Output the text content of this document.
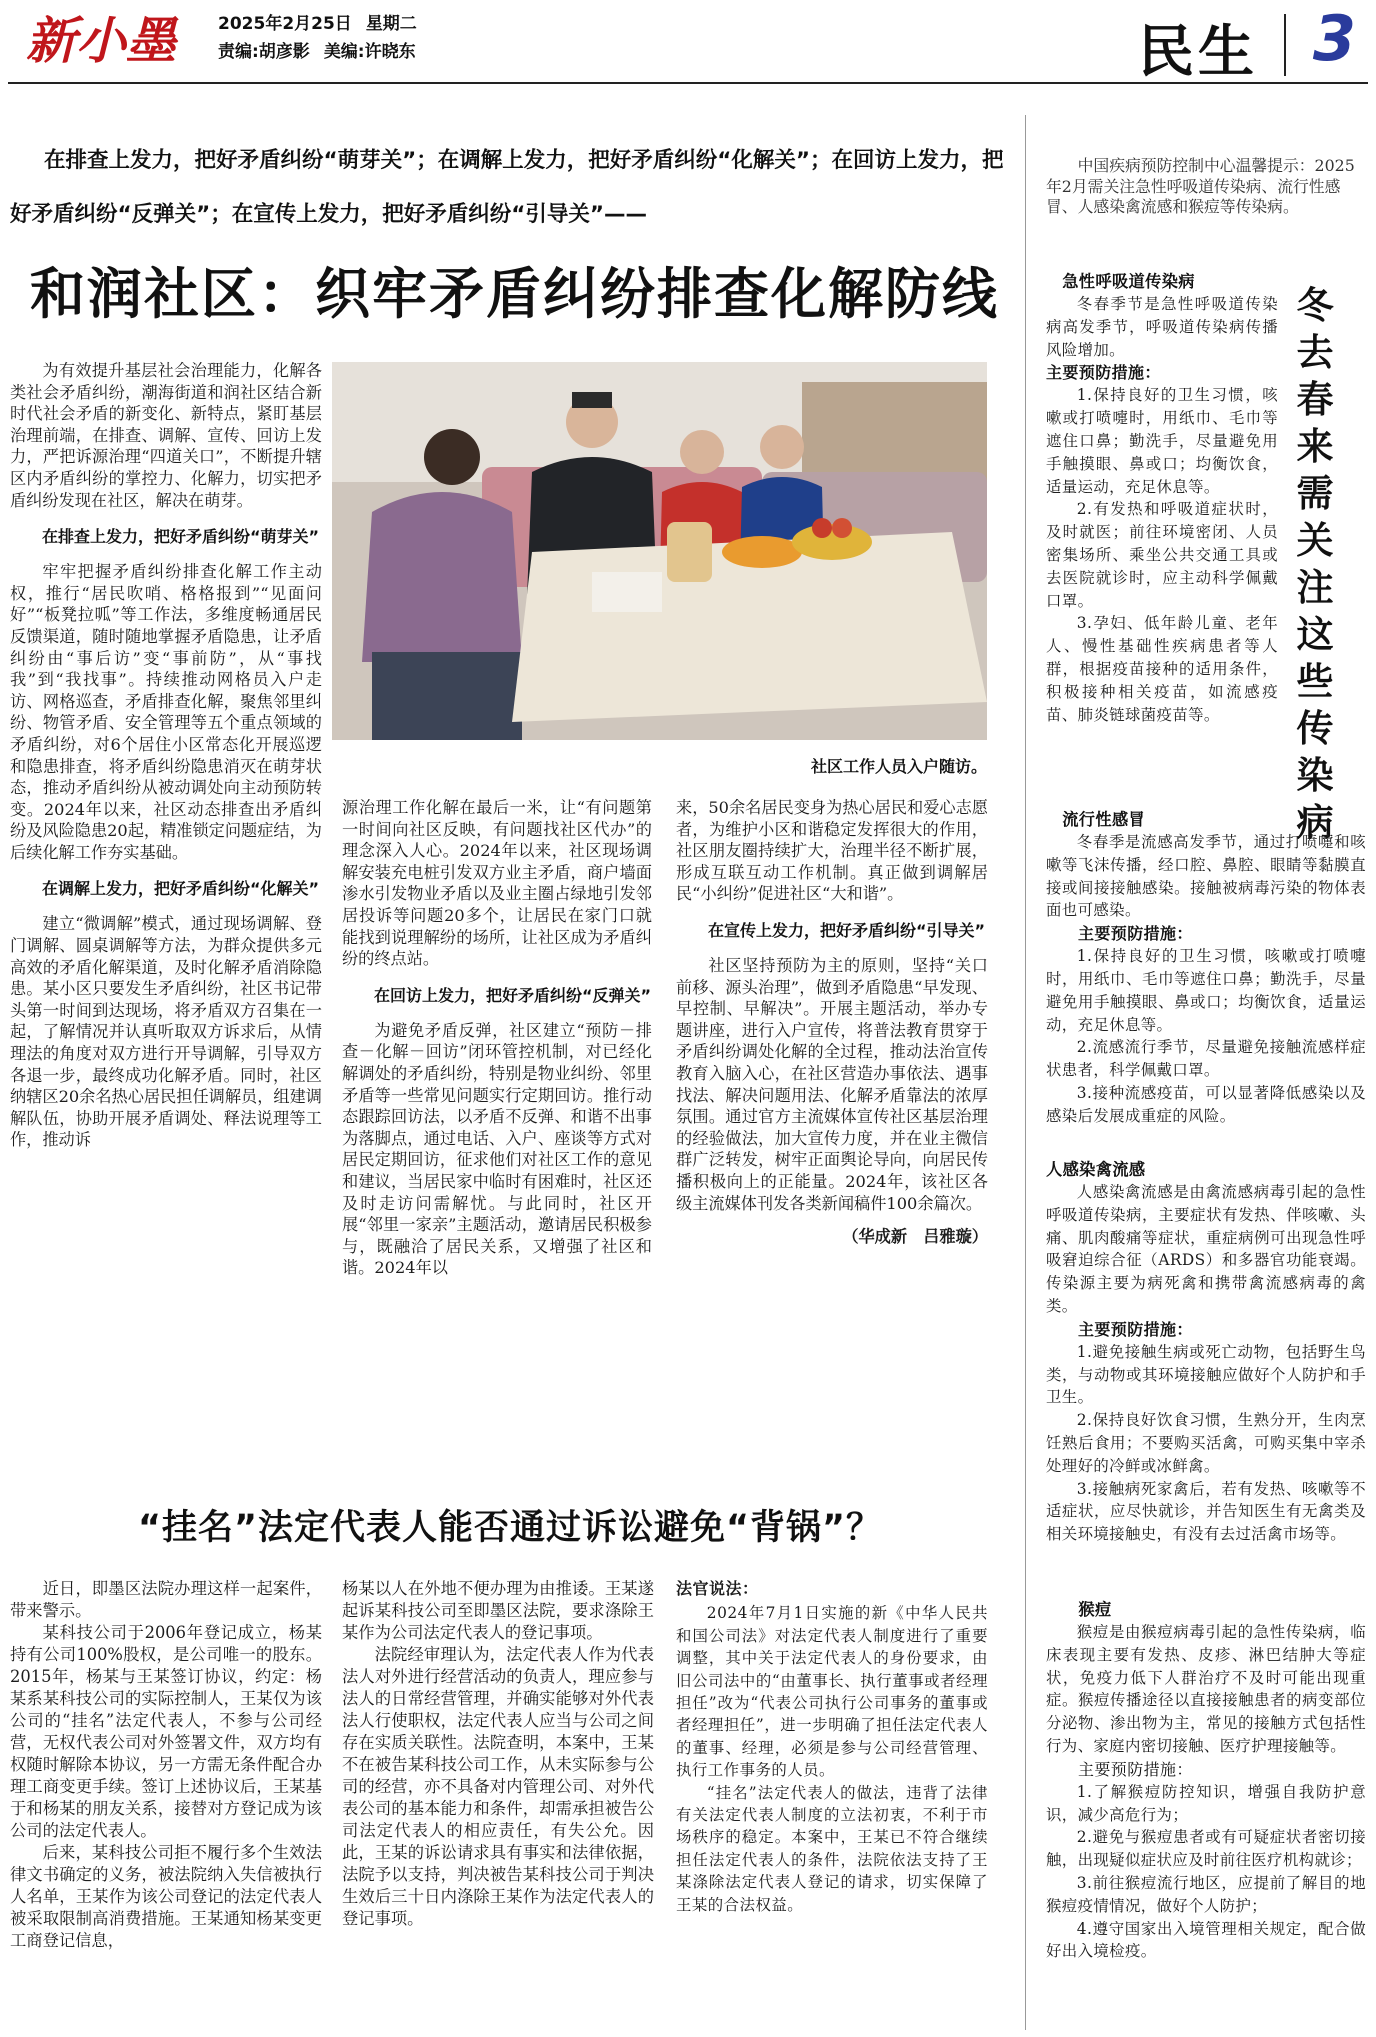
新小墨 2025年2月25日 星期二
责编:胡彦影 美编:许晓东	民生 3
在排查上发力，把好矛盾纠纷“萌芽关”；在调解上发力，把好矛盾纠纷“化解关”；在回访上发力，把好矛盾纠纷“反弹关”；在宣传上发力，把好矛盾纠纷“引导关”——
和润社区：织牢矛盾纠纷排查化解防线

为有效提升基层社会治理能力，化解各类社会矛盾纠纷，潮海街道和润社区结合新时代社会矛盾的新变化、新特点，紧盯基层治理前端，在排查、调解、宣传、回访上发力，严把诉源治理“四道关口”，不断提升辖区内矛盾纠纷的掌控力、化解力，切实把矛盾纠纷发现在社区，解决在萌芽。

在排查上发力，把好矛盾纠纷“萌芽关”

牢牢把握矛盾纠纷排查化解工作主动权，推行“居民吹哨、格格报到”“见面问好”“板凳拉呱”等工作法，多维度畅通居民反馈渠道，随时随地掌握矛盾隐患，让矛盾纠纷由“事后访”变“事前防”，从“事找我”到“我找事”。持续推动网格员入户走访、网格巡查，矛盾排查化解，聚焦邻里纠纷、物管矛盾、安全管理等五个重点领域的矛盾纠纷，对6个居住小区常态化开展巡逻和隐患排查，将矛盾纠纷隐患消灭在萌芽状态，推动矛盾纠纷从被动调处向主动预防转变。2024年以来，社区动态排查出矛盾纠纷及风险隐患20起，精准锁定问题症结，为后续化解工作夯实基础。

在调解上发力，把好矛盾纠纷“化解关”

建立“微调解”模式，通过现场调解、登门调解、圆桌调解等方法，为群众提供多元高效的矛盾化解渠道，及时化解矛盾消除隐患。某小区只要发生矛盾纠纷，社区书记带头第一时间到达现场，将矛盾双方召集在一起，了解情况并认真听取双方诉求后，从情理法的角度对双方进行开导调解，引导双方各退一步，最终成功化解矛盾。同时，社区纳辖区20余名热心居民担任调解员，组建调解队伍，协助开展矛盾调处、释法说理等工作，推动诉

社区工作人员入户随访。

源治理工作化解在最后一米，让“有问题第一时间向社区反映，有问题找社区代办”的理念深入人心。2024年以来，社区现场调解安装充电桩引发双方业主矛盾，商户墙面渗水引发物业矛盾以及业主圈占绿地引发邻居投诉等问题20多个，让居民在家门口就能找到说理解纷的场所，让社区成为矛盾纠纷的终点站。

在回访上发力，把好矛盾纠纷“反弹关”

为避免矛盾反弹，社区建立“预防－排查－化解－回访”闭环管控机制，对已经化解调处的矛盾纠纷，特别是物业纠纷、邻里矛盾等一些常见问题实行定期回访。推行动态跟踪回访法，以矛盾不反弹、和谐不出事为落脚点，通过电话、入户、座谈等方式对居民定期回访，征求他们对社区工作的意见和建议，当居民家中临时有困难时，社区还及时走访问需解忧。与此同时，社区开展“邻里一家亲”主题活动，邀请居民积极参与，既融洽了居民关系，又增强了社区和谐。2024年以

来，50余名居民变身为热心居民和爱心志愿者，为维护小区和谐稳定发挥很大的作用，社区朋友圈持续扩大，治理半径不断扩展，形成互联互动工作机制。真正做到调解居民“小纠纷”促进社区“大和谐”。

在宣传上发力，把好矛盾纠纷“引导关”

社区坚持预防为主的原则，坚持“关口前移、源头治理”，做到矛盾隐患“早发现、早控制、早解决”。开展主题活动，举办专题讲座，进行入户宣传，将普法教育贯穿于矛盾纠纷调处化解的全过程，推动法治宣传教育入脑入心，在社区营造办事依法、遇事找法、解决问题用法、化解矛盾靠法的浓厚氛围。通过官方主流媒体宣传社区基层治理的经验做法，加大宣传力度，并在业主微信群广泛转发，树牢正面舆论导向，向居民传播积极向上的正能量。2024年，该社区各级主流媒体刊发各类新闻稿件100余篇次。

（华成新　吕雅璇）

“挂名”法定代表人能否通过诉讼避免“背锅”？

近日，即墨区法院办理这样一起案件，带来警示。

某科技公司于2006年登记成立，杨某持有公司100%股权，是公司唯一的股东。2015年，杨某与王某签订协议，约定：杨某系某科技公司的实际控制人，王某仅为该公司的“挂名”法定代表人，不参与公司经营，无权代表公司对外签署文件，双方均有权随时解除本协议，另一方需无条件配合办理工商变更手续。签订上述协议后，王某基于和杨某的朋友关系，接替对方登记成为该公司的法定代表人。

后来，某科技公司拒不履行多个生效法律文书确定的义务，被法院纳入失信被执行人名单，王某作为该公司登记的法定代表人被采取限制高消费措施。王某通知杨某变更工商登记信息，

杨某以人在外地不便办理为由推诿。王某遂起诉某科技公司至即墨区法院，要求涤除王某作为公司法定代表人的登记事项。

法院经审理认为，法定代表人作为代表法人对外进行经营活动的负责人，理应参与法人的日常经营管理，并确实能够对外代表法人行使职权，法定代表人应当与公司之间存在实质关联性。法院查明，本案中，王某不在被告某科技公司工作，从未实际参与公司的经营，亦不具备对内管理公司、对外代表公司的基本能力和条件，却需承担被告公司法定代表人的相应责任，有失公允。因此，王某的诉讼请求具有事实和法律依据，法院予以支持，判决被告某科技公司于判决生效后三十日内涤除王某作为法定代表人的登记事项。

法官说法：

2024年7月1日实施的新《中华人民共和国公司法》对法定代表人制度进行了重要调整，其中关于法定代表人的身份要求，由旧公司法中的“由董事长、执行董事或者经理担任”改为“代表公司执行公司事务的董事或者经理担任”，进一步明确了担任法定代表人的董事、经理，必须是参与公司经营管理、执行工作事务的人员。

“挂名”法定代表人的做法，违背了法律有关法定代表人制度的立法初衷，不利于市场秩序的稳定。本案中，王某已不符合继续担任法定代表人的条件，法院依法支持了王某涤除法定代表人登记的请求，切实保障了王某的合法权益。

中国疾病预防控制中心温馨提示：2025年2月需关注急性呼吸道传染病、流行性感冒、人感染禽流感和猴痘等传染病。
冬去春来需关注这些传染病
急性呼吸道传染病

冬春季节是急性呼吸道传染病高发季节，呼吸道传染病传播风险增加。

主要预防措施：

1.保持良好的卫生习惯，咳嗽或打喷嚏时，用纸巾、毛巾等遮住口鼻；勤洗手，尽量避免用手触摸眼、鼻或口；均衡饮食，适量运动，充足休息等。

2.有发热和呼吸道症状时，及时就医；前往环境密闭、人员密集场所、乘坐公共交通工具或去医院就诊时，应主动科学佩戴口罩。

3.孕妇、低年龄儿童、老年人、慢性基础性疾病患者等人群，根据疫苗接种的适用条件，积极接种相关疫苗，如流感疫苗、肺炎链球菌疫苗等。

流行性感冒

冬春季是流感高发季节，通过打喷嚏和咳嗽等飞沫传播，经口腔、鼻腔、眼睛等黏膜直接或间接接触感染。接触被病毒污染的物体表面也可感染。

主要预防措施：

1.保持良好的卫生习惯，咳嗽或打喷嚏时，用纸巾、毛巾等遮住口鼻；勤洗手，尽量避免用手触摸眼、鼻或口；均衡饮食，适量运动，充足休息等。

2.流感流行季节，尽量避免接触流感样症状患者，科学佩戴口罩。

3.接种流感疫苗，可以显著降低感染以及感染后发展成重症的风险。

人感染禽流感

人感染禽流感是由禽流感病毒引起的急性呼吸道传染病，主要症状有发热、伴咳嗽、头痛、肌肉酸痛等症状，重症病例可出现急性呼吸窘迫综合征（ARDS）和多器官功能衰竭。传染源主要为病死禽和携带禽流感病毒的禽类。

主要预防措施：

1.避免接触生病或死亡动物，包括野生鸟类，与动物或其环境接触应做好个人防护和手卫生。

2.保持良好饮食习惯，生熟分开，生肉烹饪熟后食用；不要购买活禽，可购买集中宰杀处理好的冷鲜或冰鲜禽。

3.接触病死家禽后，若有发热、咳嗽等不适症状，应尽快就诊，并告知医生有无禽类及相关环境接触史，有没有去过活禽市场等。

猴痘

猴痘是由猴痘病毒引起的急性传染病，临床表现主要有发热、皮疹、淋巴结肿大等症状，免疫力低下人群治疗不及时可能出现重症。猴痘传播途径以直接接触患者的病变部位分泌物、渗出物为主，常见的接触方式包括性行为、家庭内密切接触、医疗护理接触等。

主要预防措施：

1.了解猴痘防控知识，增强自我防护意识，减少高危行为；

2.避免与猴痘患者或有可疑症状者密切接触，出现疑似症状应及时前往医疗机构就诊；

3.前往猴痘流行地区，应提前了解目的地猴痘疫情情况，做好个人防护；

4.遵守国家出入境管理相关规定，配合做好出入境检疫。
